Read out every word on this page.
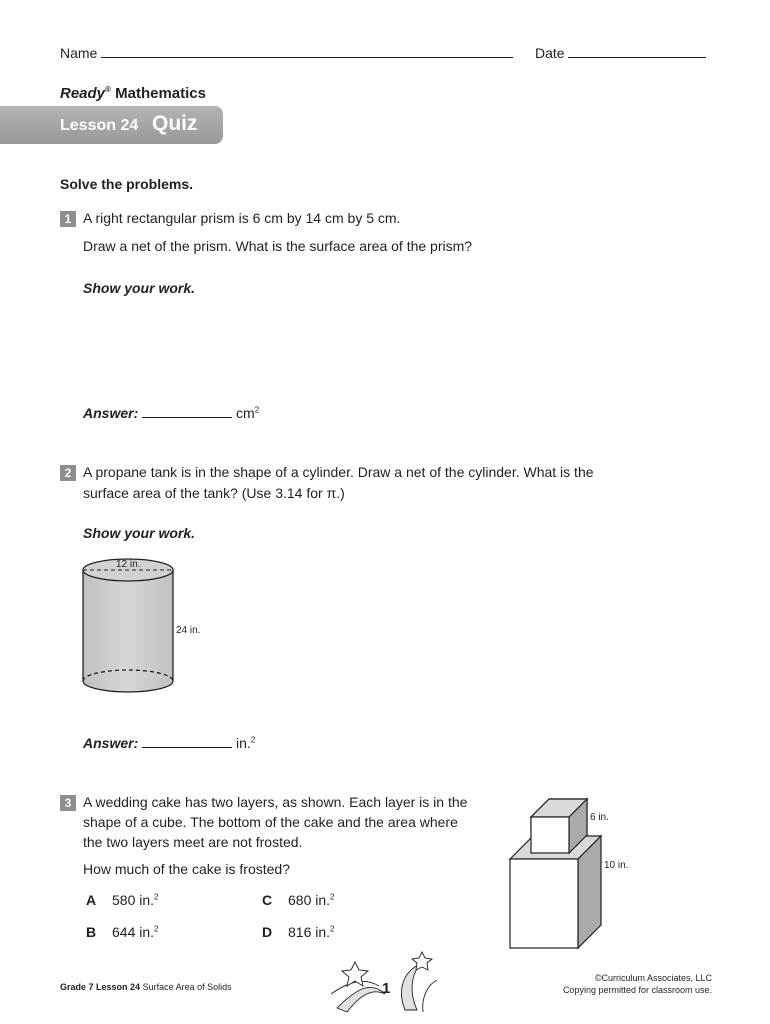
Name	Date
Ready® Mathematics
Lesson 24 Quiz
Solve the problems.
1 A right rectangular prism is 6 cm by 14 cm by 5 cm.
Draw a net of the prism. What is the surface area of the prism?
Show your work.
Answer:	$cm^2$
2 A propane tank is in the shape of a cylinder. Draw a net of the cylinder. What is the
surface area of the tank? (Use 3.14 for π.)
Show your work.
12 in.
24 in.
Answer:	in.$^2$
3 A wedding cake has two layers, as shown. Each layer is in the
shape of a cube. The bottom of the cake and the area where
the two layers meet are not frosted.
How much of the cake is frosted?
6 in.
10 in.
A 580 in.$^2$
B 644 in.$^2$
C 680 in.$^2$
D 816 in.$^2$
Grade 7 Lesson 24 Surface Area of Solids	1
©Curriculum Associates, LLC
Copying permitted for classroom use.
